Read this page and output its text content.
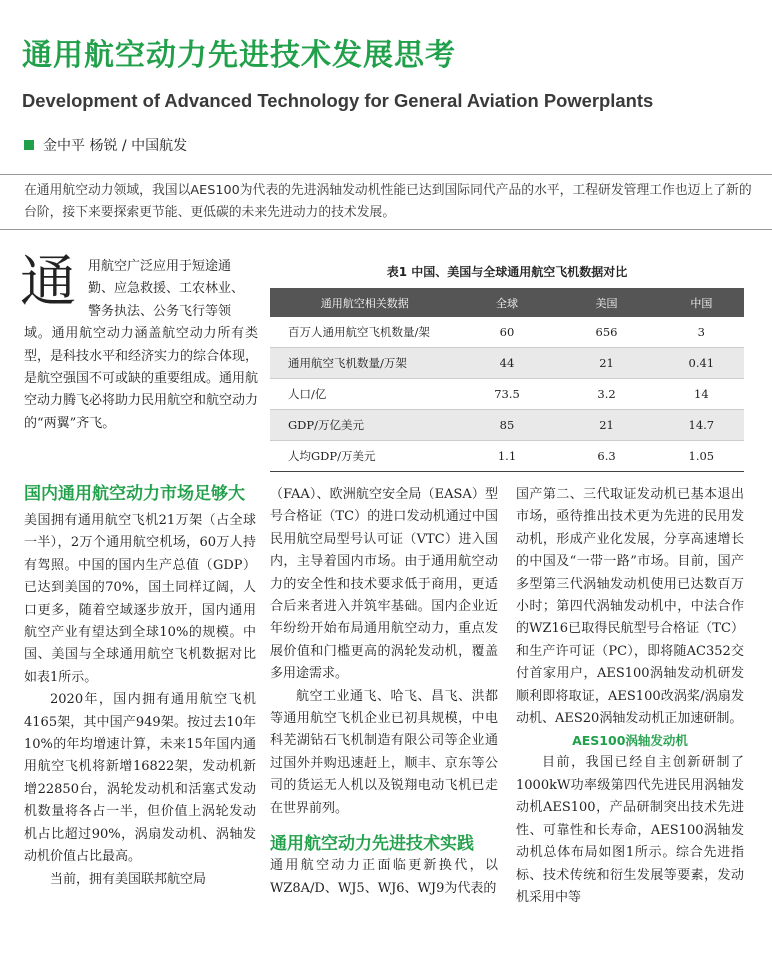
通用航空动力先进技术发展思考
Development of Advanced Technology for General Aviation Powerplants
金中平 杨锐 / 中国航发

在通用航空动力领域，我国以AES100为代表的先进涡轴发动机性能已达到国际同代产品的水平，工程研发管理工作也迈上了新的台阶，接下来要探索更节能、更低碳的未来先进动力的技术发展。

通 用航空广泛应用于短途通
勤、应急救援、工农林业、
警务执法、公务飞行等领
域。通用航空动力涵盖航空动力所有类型，是科技水平和经济实力的综合体现，是航空强国不可或缺的重要组成。通用航空动力腾飞必将助力民用航空和航空动力的“两翼”齐飞。
表1 中国、美国与全球通用航空飞机数据对比
通用航空相关数据	全球	美国	中国
百万人通用航空飞机数量/架	60	656	3
通用航空飞机数量/万架	44	21	0.41
人口/亿	73.5	3.2	14
GDP/万亿美元	85	21	14.7
人均GDP/万美元	1.1	6.3	1.05
国内通用航空动力市场足够大

美国拥有通用航空飞机21万架（占全球一半），2万个通用航空机场，60万人持有驾照。中国的国内生产总值（GDP）已达到美国的70%，国土同样辽阔，人口更多，随着空域逐步放开，国内通用航空产业有望达到全球10%的规模。中国、美国与全球通用航空飞机数据对比如表1所示。

2020年，国内拥有通用航空飞机4165架，其中国产949架。按过去10年10%的年均增速计算，未来15年国内通用航空飞机将新增16822架，发动机新增22850台，涡轮发动机和活塞式发动机数量将各占一半，但价值上涡轮发动机占比超过90%，涡扇发动机、涡轴发动机价值占比最高。

当前，拥有美国联邦航空局

（FAA）、欧洲航空安全局（EASA）型号合格证（TC）的进口发动机通过中国民用航空局型号认可证（VTC）进入国内，主导着国内市场。由于通用航空动力的安全性和技术要求低于商用，更适合后来者进入并筑牢基础。国内企业近年纷纷开始布局通用航空动力，重点发展价值和门槛更高的涡轮发动机，覆盖多用途需求。

航空工业通飞、哈飞、昌飞、洪都等通用航空飞机企业已初具规模，中电科芜湖钻石飞机制造有限公司等企业通过国外并购迅速赶上，顺丰、京东等公司的货运无人机以及锐翔电动飞机已走在世界前列。

通用航空动力先进技术实践

通用航空动力正面临更新换代，以WZ8A/D、WJ5、WJ6、WJ9为代表的

国产第二、三代取证发动机已基本退出市场，亟待推出技术更为先进的民用发动机，形成产业化发展，分享高速增长的中国及“一带一路”市场。目前，国产多型第三代涡轴发动机使用已达数百万小时；第四代涡轴发动机中，中法合作的WZ16已取得民航型号合格证（TC）和生产许可证（PC），即将随AC352交付首家用户，AES100涡轴发动机研发顺利即将取证，AES100改涡桨/涡扇发动机、AES20涡轴发动机正加速研制。

AES100涡轴发动机

目前，我国已经自主创新研制了1000kW功率级第四代先进民用涡轴发动机AES100，产品研制突出技术先进性、可靠性和长寿命，AES100涡轴发动机总体布局如图1所示。综合先进指标、技术传统和衍生发展等要素，发动机采用中等
